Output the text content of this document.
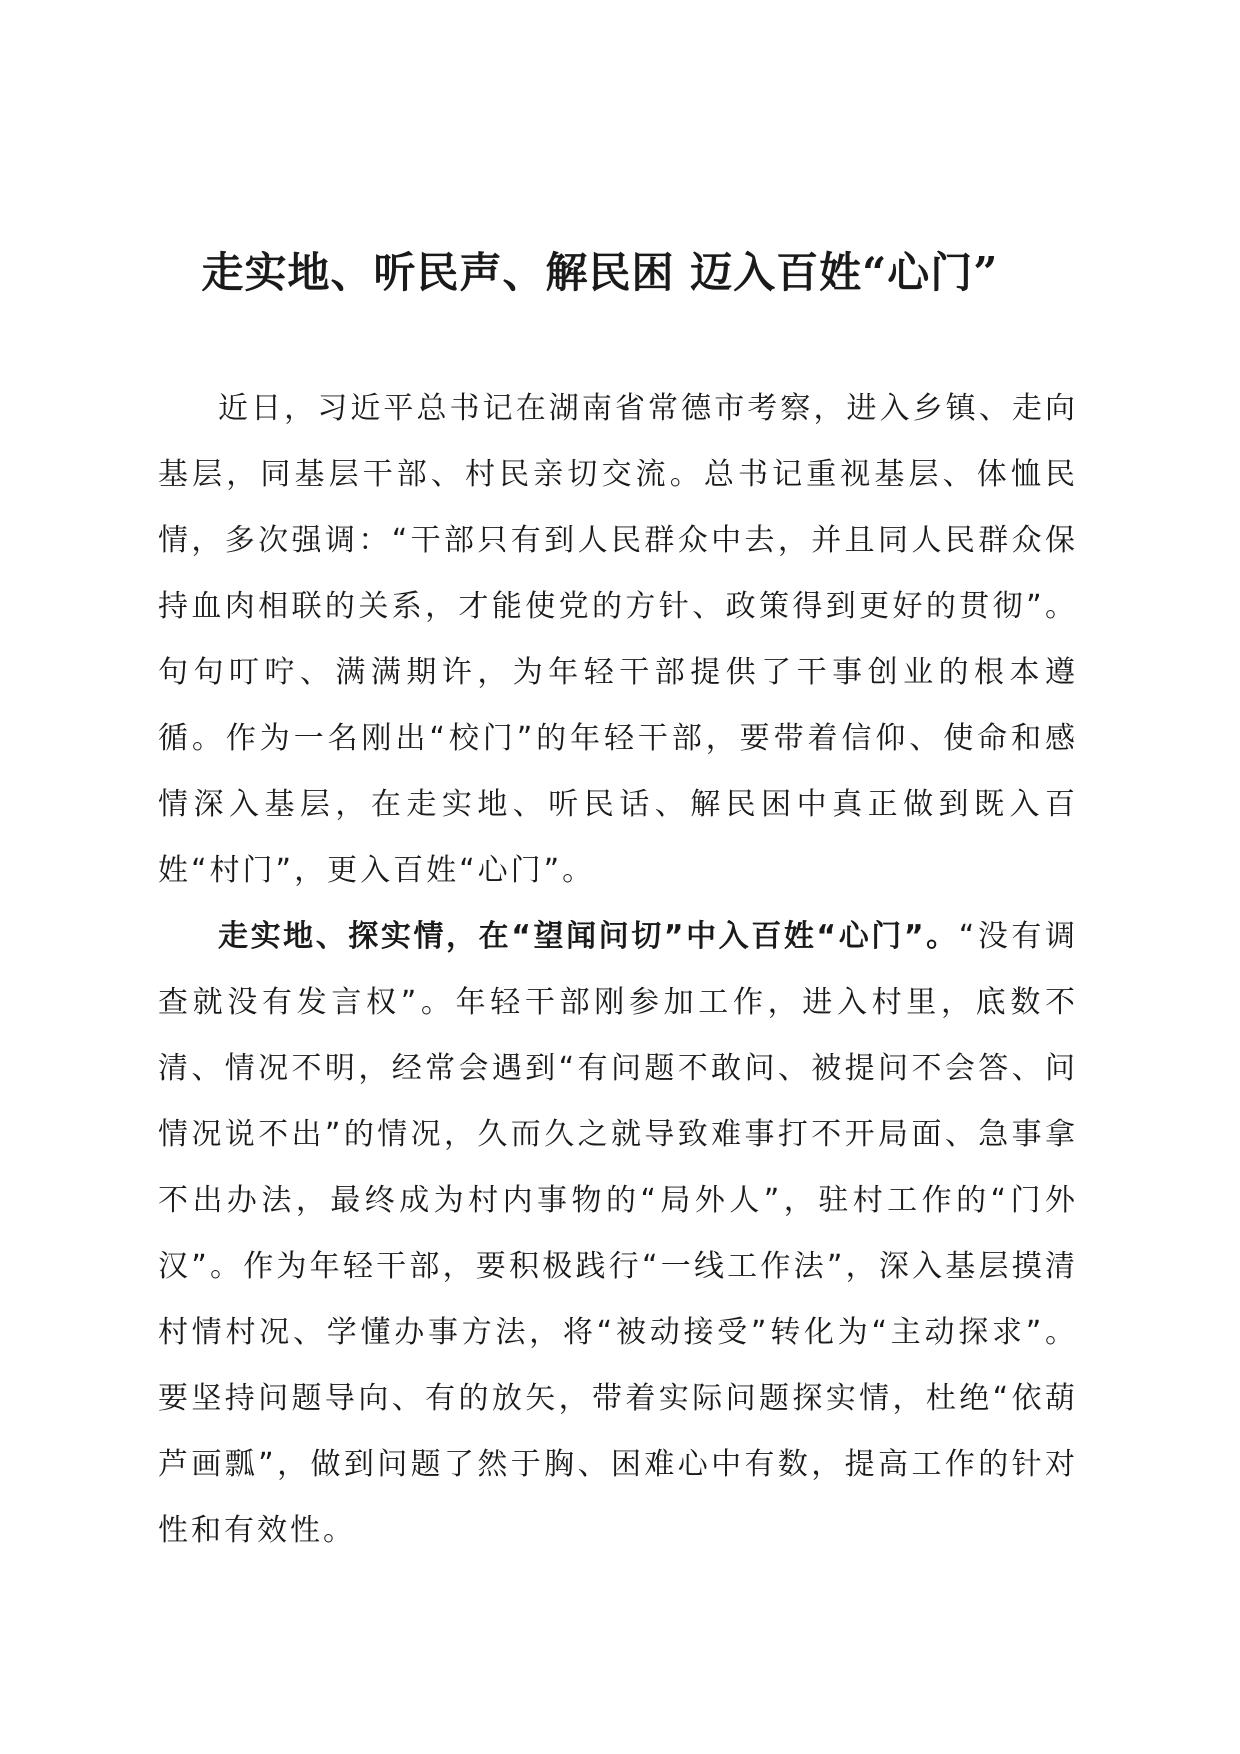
走实地、听民声、解民困 迈入百姓“心门”

近日，习近平总书记在湖南省常德市考察，进入乡镇、走向基层，同基层干部、村民亲切交流。总书记重视基层、体恤民情，多次强调：“干部只有到人民群众中去，并且同人民群众保持血肉相联的关系，才能使党的方针、政策得到更好的贯彻”。句句叮咛、满满期许，为年轻干部提供了干事创业的根本遵循。作为一名刚出“校门”的年轻干部，要带着信仰、使命和感情深入基层，在走实地、听民话、解民困中真正做到既入百姓“村门”，更入百姓“心门”。

走实地、探实情，在“望闻问切”中入百姓“心门”。“没有调查就没有发言权”。年轻干部刚参加工作，进入村里，底数不清、情况不明，经常会遇到“有问题不敢问、被提问不会答、问情况说不出”的情况，久而久之就导致难事打不开局面、急事拿不出办法，最终成为村内事物的“局外人”，驻村工作的“门外汉”。作为年轻干部，要积极践行“一线工作法”，深入基层摸清村情村况、学懂办事方法，将“被动接受”转化为“主动探求”。要坚持问题导向、有的放矢，带着实际问题探实情，杜绝“依葫芦画瓢”，做到问题了然于胸、困难心中有数，提高工作的针对性和有效性。
